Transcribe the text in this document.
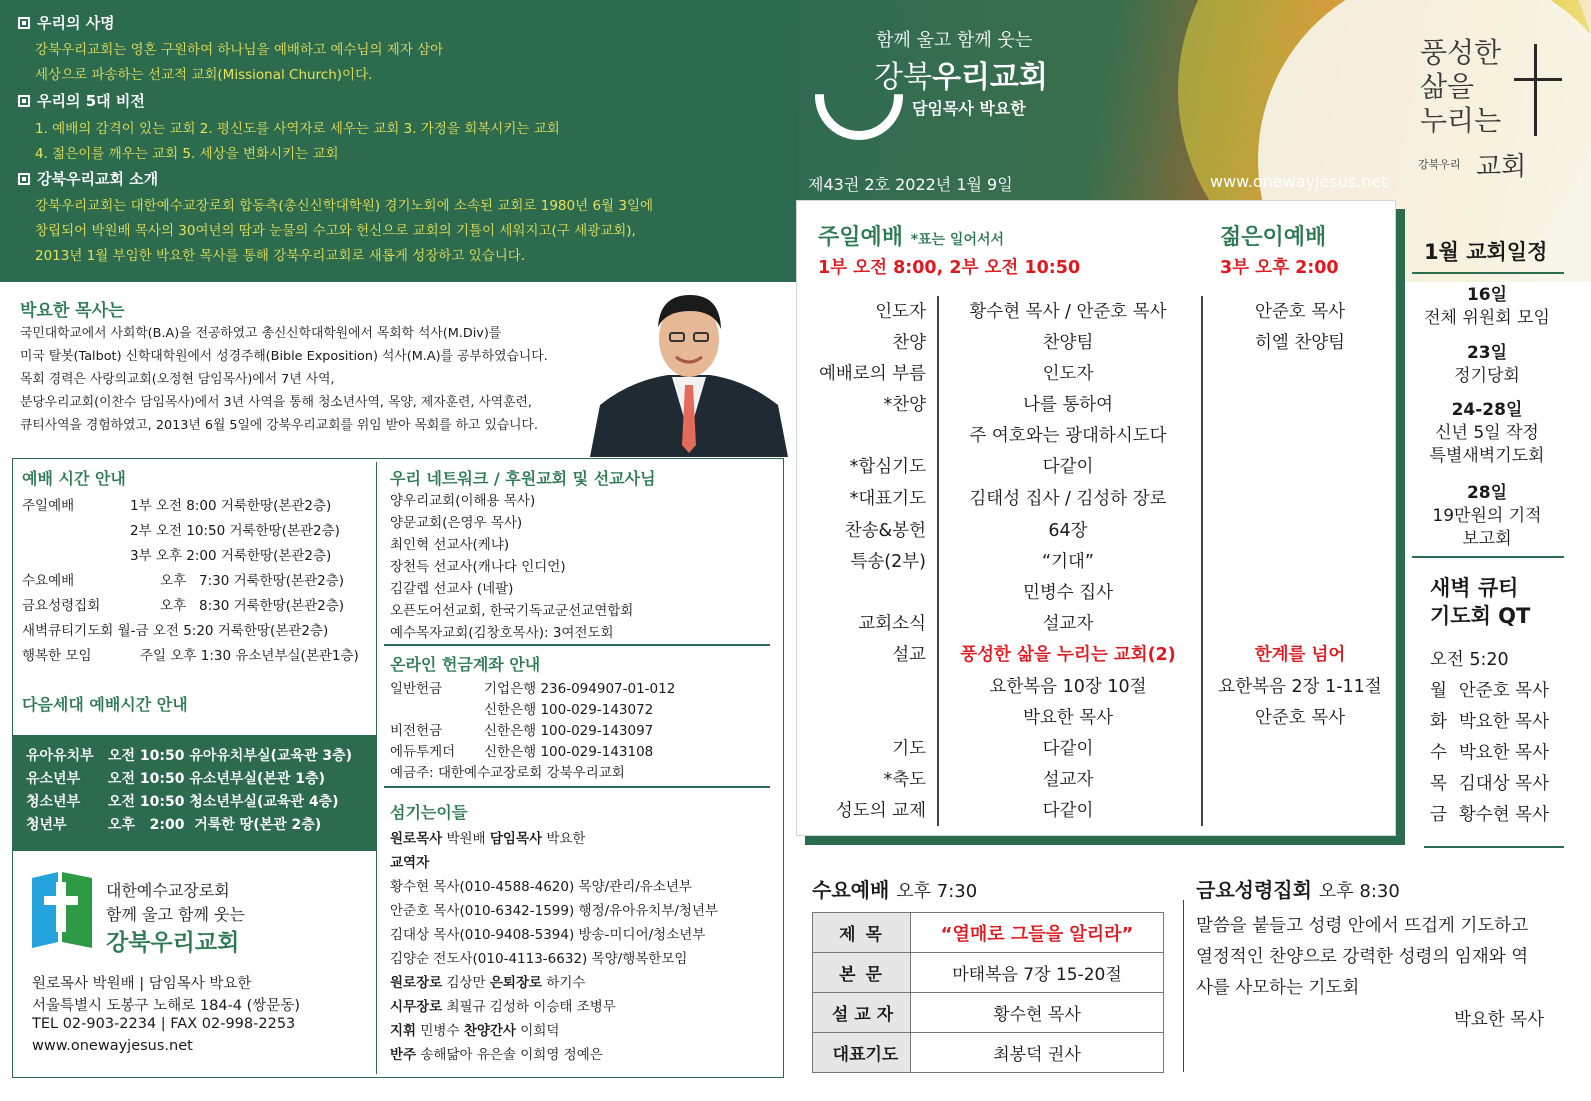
우리의 사명
강북우리교회는 영혼 구원하여 하나님을 예배하고 예수님의 제자 삼아
세상으로 파송하는 선교적 교회(Missional Church)이다.
우리의 5대 비전
1. 예배의 감격이 있는 교회 2. 평신도를 사역자로 세우는 교회 3. 가정을 회복시키는 교회
4. 젊은이를 깨우는 교회 5. 세상을 변화시키는 교회
강북우리교회 소개
강북우리교회는 대한예수교장로회 합동측(총신신학대학원) 경기노회에 소속된 교회로 1980년 6월 3일에
창립되어 박원배 목사의 30여년의 땀과 눈물의 수고와 헌신으로 교회의 기틀이 세워지고(구 세광교회),
2013년 1월 부임한 박요한 목사를 통해 강북우리교회로 새롭게 성장하고 있습니다.
함께 울고 함께 웃는
강북우리교회
담임목사 박요한
제43권 2호 2022년 1월 9일	www.onewayjesus.net
풍성한
삶을
누리는
강북우리 교회
박요한 목사는
국민대학교에서 사회학(B.A)을 전공하였고 총신신학대학원에서 목회학 석사(M.Div)를
미국 탈봇(Talbot) 신학대학원에서 성경주해(Bible Exposition) 석사(M.A)를 공부하였습니다.
목회 경력은 사랑의교회(오정현 담임목사)에서 7년 사역,
분당우리교회(이찬수 담임목사)에서 3년 사역을 통해 청소년사역, 목양, 제자훈련, 사역훈련,
큐티사역을 경험하였고, 2013년 6월 5일에 강북우리교회를 위임 받아 목회를 하고 있습니다.
예배 시간 안내
주일예배	1부 오전 8:00 거룩한땅(본관2층)
2부 오전 10:50 거룩한땅(본관2층)
3부 오후 2:00 거룩한땅(본관2층)
수요예배	오후   7:30 거룩한땅(본관2층)
금요성령집회	오후   8:30 거룩한땅(본관2층)
새벽큐티기도회 월-금 오전 5:20 거룩한땅(본관2층)
행복한 모임	주일 오후 1:30 유소년부실(본관1층)
다음세대 예배시간 안내
유아유치부	오전 10:50 유아유치부실(교육관 3층)
유소년부	오전 10:50 유소년부실(본관 1층)
청소년부	오전 10:50 청소년부실(교육관 4층)
청년부	오후   2:00  거룩한 땅(본관 2층)
대한예수교장로회
함께 울고 함께 웃는
강북우리교회
원로목사 박원배 | 담임목사 박요한
서울특별시 도봉구 노해로 184-4 (쌍문동)
TEL 02-903-2234 | FAX 02-998-2253
www.onewayjesus.net
우리 네트워크 / 후원교회 및 선교사님
양우리교회(이해용 목사)
양문교회(은영우 목사)
최인혁 선교사(케냐)
장천득 선교사(캐나다 인디언)
김갈렙 선교사 (네팔)
오픈도어선교회, 한국기독교군선교연합회
예수목자교회(김창호목사): 3여전도회
온라인 헌금계좌 안내
일반헌금	기업은행 236-094907-01-012
신한은행 100-029-143072
비전헌금	신한은행 100-029-143097
에듀투게더 신한은행 100-029-143108
예금주: 대한예수교장로회 강북우리교회
섬기는이들
원로목사 박원배 담임목사 박요한
교역자
황수현 목사(010-4588-4620) 목양/관리/유소년부
안준호 목사(010-6342-1599) 행정/유아유치부/청년부
김대상 목사(010-9408-5394) 방송-미디어/청소년부
김양순 전도사(010-4113-6632) 목양/행복한모임
원로장로 김상만 은퇴장로 하기수
시무장로 최필규 김성하 이승태 조병무
지휘 민병수 찬양간사 이희덕
반주 송해닮아 유은솔 이희영 정예은
주일예배 *표는 일어서서
1부 오전 8:00, 2부 오전 10:50
젊은이예배
3부 오후 2:00
인도자	황수현 목사 / 안준호 목사	안준호 목사
찬양	찬양팀	히엘 찬양팀
예배로의 부름	인도자
*찬양	나를 통하여
주 여호와는 광대하시도다
*합심기도	다같이
*대표기도	김태성 집사 / 김성하 장로
찬송&봉헌	64장
특송(2부)	“기대”
민병수 집사
교회소식	설교자
설교	풍성한 삶을 누리는 교회(2)	한계를 넘어
요한복음 10장 10절	요한복음 2장 1-11절
박요한 목사	안준호 목사
기도	다같이
*축도	설교자
성도의 교제	다같이
1월 교회일정
16일
전체 위원회 모임
23일
정기당회
24-28일
신년 5일 작정
특별새벽기도회
28일
19만원의 기적
보고회
새벽 큐티
기도회 QT
오전 5:20
월 안준호 목사
화 박요한 목사
수 박요한 목사
목 김대상 목사
금 황수현 목사
수요예배 오후 7:30
제목	“열매로 그들을 알리라”
본문	마태복음 7장 15-20절
설교자	황수현 목사
대표기도	최봉덕 권사
금요성령집회 오후 8:30
말씀을 붙들고 성령 안에서 뜨겁게 기도하고
열정적인 찬양으로 강력한 성령의 임재와 역
사를 사모하는 기도회
박요한 목사
